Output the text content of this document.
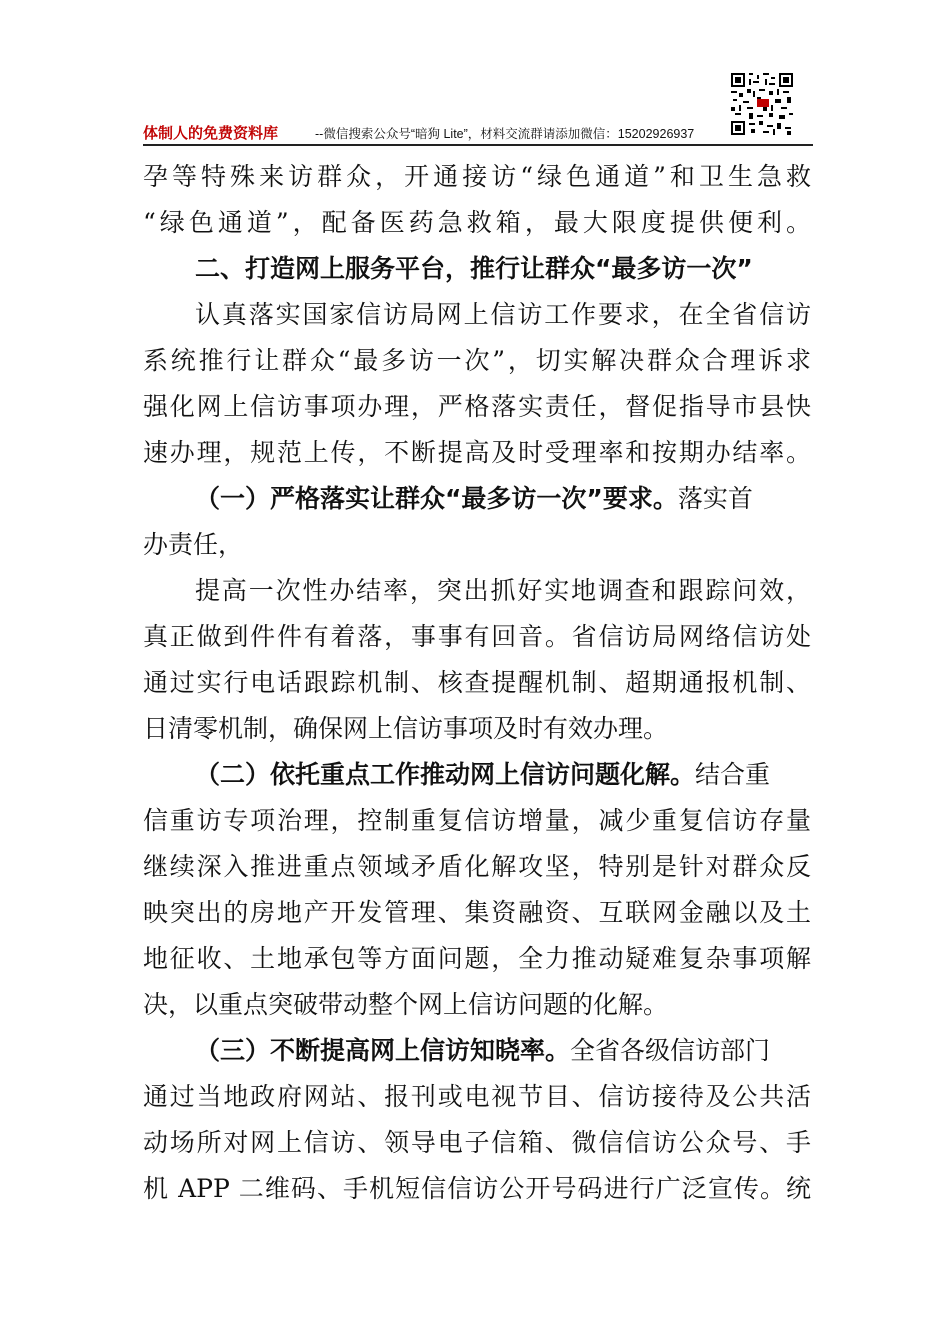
体制人的免费资料库	--微信搜索公众号“暗狗 Lite”，材料交流群请添加微信：15202926937

孕等特殊来访群众，开通接访“绿色通道”和卫生急救

“绿色通道”，配备医药急救箱，最大限度提供便利。

二、打造网上服务平台，推行让群众“最多访一次”

认真落实国家信访局网上信访工作要求，在全省信访

系统推行让群众“最多访一次”，切实解决群众合理诉求

强化网上信访事项办理，严格落实责任，督促指导市县快

速办理，规范上传，不断提高及时受理率和按期办结率。

（一）严格落实让群众“最多访一次”要求。落实首

办责任，

提高一次性办结率，突出抓好实地调查和跟踪问效，

真正做到件件有着落，事事有回音。省信访局网络信访处

通过实行电话跟踪机制、核查提醒机制、超期通报机制、

日清零机制，确保网上信访事项及时有效办理。

（二）依托重点工作推动网上信访问题化解。结合重

信重访专项治理，控制重复信访增量，减少重复信访存量

继续深入推进重点领域矛盾化解攻坚，特别是针对群众反

映突出的房地产开发管理、集资融资、互联网金融以及土

地征收、土地承包等方面问题，全力推动疑难复杂事项解

决，以重点突破带动整个网上信访问题的化解。

（三）不断提高网上信访知晓率。全省各级信访部门

通过当地政府网站、报刊或电视节目、信访接待及公共活

动场所对网上信访、领导电子信箱、微信信访公众号、手

机 APP 二维码、手机短信信访公开号码进行广泛宣传。统
